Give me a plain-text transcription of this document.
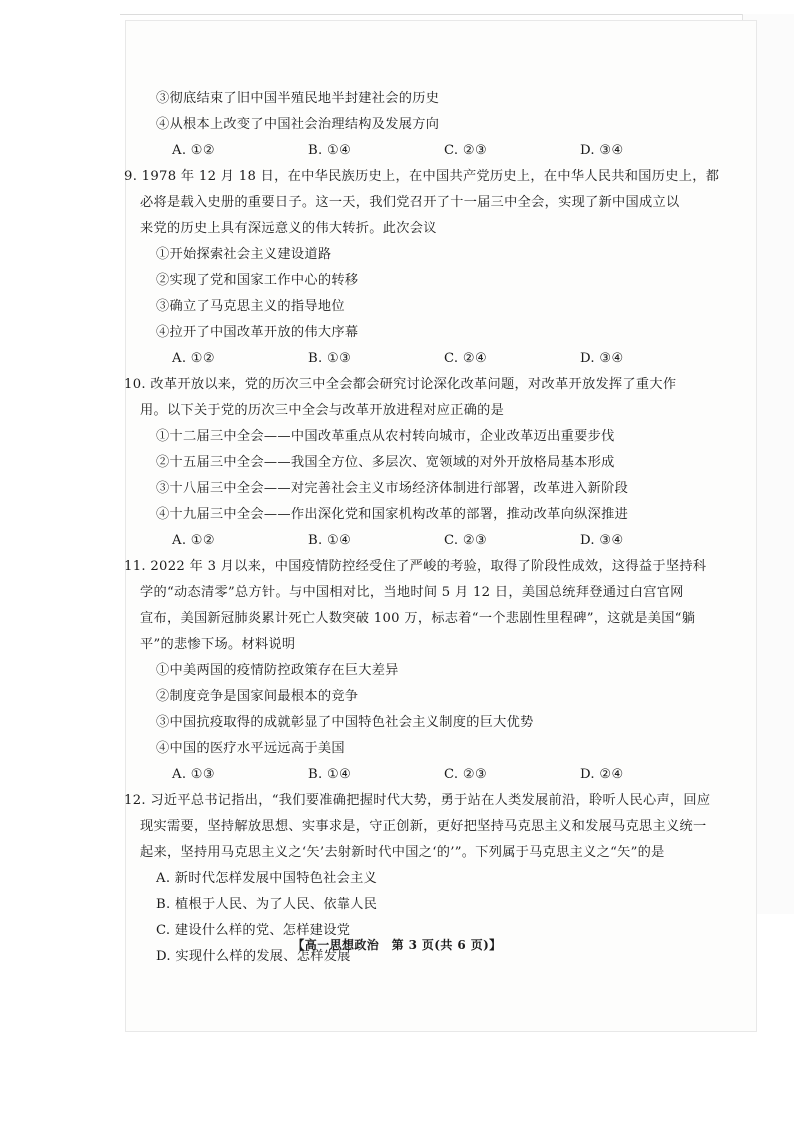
③彻底结束了旧中国半殖民地半封建社会的历史
④从根本上改变了中国社会治理结构及发展方向
A. ①②	B. ①④	C. ②③	D. ③④
9. 1978 年 12 月 18 日，在中华民族历史上，在中国共产党历史上，在中华人民共和国历史上，都
必将是载入史册的重要日子。这一天，我们党召开了十一届三中全会，实现了新中国成立以
来党的历史上具有深远意义的伟大转折。此次会议
①开始探索社会主义建设道路
②实现了党和国家工作中心的转移
③确立了马克思主义的指导地位
④拉开了中国改革开放的伟大序幕
A. ①②	B. ①③	C. ②④	D. ③④
10. 改革开放以来，党的历次三中全会都会研究讨论深化改革问题，对改革开放发挥了重大作
用。以下关于党的历次三中全会与改革开放进程对应正确的是
①十二届三中全会——中国改革重点从农村转向城市，企业改革迈出重要步伐
②十五届三中全会——我国全方位、多层次、宽领域的对外开放格局基本形成
③十八届三中全会——对完善社会主义市场经济体制进行部署，改革进入新阶段
④十九届三中全会——作出深化党和国家机构改革的部署，推动改革向纵深推进
A. ①②	B. ①④	C. ②③	D. ③④
11. 2022 年 3 月以来，中国疫情防控经受住了严峻的考验，取得了阶段性成效，这得益于坚持科
学的“动态清零”总方针。与中国相对比，当地时间 5 月 12 日，美国总统拜登通过白宫官网
宣布，美国新冠肺炎累计死亡人数突破 100 万，标志着“一个悲剧性里程碑”，这就是美国“躺
平”的悲惨下场。材料说明
①中美两国的疫情防控政策存在巨大差异
②制度竞争是国家间最根本的竞争
③中国抗疫取得的成就彰显了中国特色社会主义制度的巨大优势
④中国的医疗水平远远高于美国
A. ①③	B. ①④	C. ②③	D. ②④
12. 习近平总书记指出，“我们要准确把握时代大势，勇于站在人类发展前沿，聆听人民心声，回应
现实需要，坚持解放思想、实事求是，守正创新，更好把坚持马克思主义和发展马克思主义统一
起来，坚持用马克思主义之‘矢’去射新时代中国之‘的’”。下列属于马克思主义之“矢”的是
A. 新时代怎样发展中国特色社会主义
B. 植根于人民、为了人民、依靠人民
C. 建设什么样的党、怎样建设党
D. 实现什么样的发展、怎样发展
【高一思想政治　第 3 页(共 6 页)】
